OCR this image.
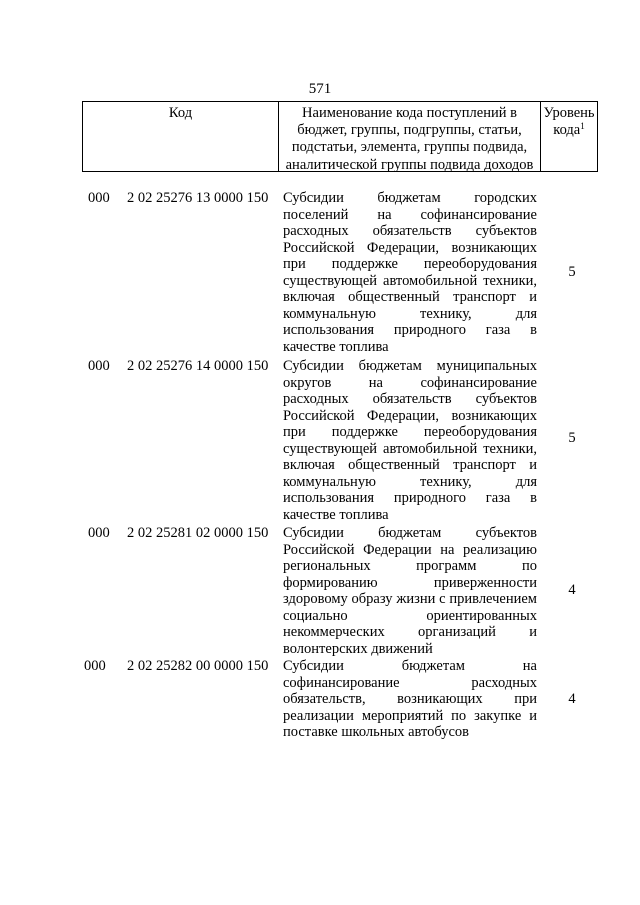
571
Код	Наименование кода поступлений в бюджет, группы, подгруппы, статьи, подстатьи, элемента, группы подвида, аналитической группы подвида доходов
Уровень кода$^1$
000 2 02 25276 13 0000 150 Субсидии бюджетам городских поселений на софинансирование расходных обязательств субъектов Российской Федерации, возникающих при поддержке переоборудования существующей автомобильной техники, включая общественный транспорт и коммунальную технику, для использования природного газа в качестве топлива
5
000 2 02 25276 14 0000 150 Субсидии бюджетам муниципальных округов на софинансирование расходных обязательств субъектов Российской Федерации, возникающих при поддержке переоборудования существующей автомобильной техники, включая общественный транспорт и коммунальную технику, для использования природного газа в качестве топлива
5
000 2 02 25281 02 0000 150 Субсидии бюджетам субъектов Российской Федерации на реализацию региональных программ по формированию приверженности здоровому образу жизни с привлечением социально ориентированных некоммерческих организаций и волонтерских движений
4
000 2 02 25282 00 0000 150 Субсидии бюджетам на софинансирование расходных обязательств, возникающих при реализации мероприятий по закупке и поставке школьных автобусов
4
